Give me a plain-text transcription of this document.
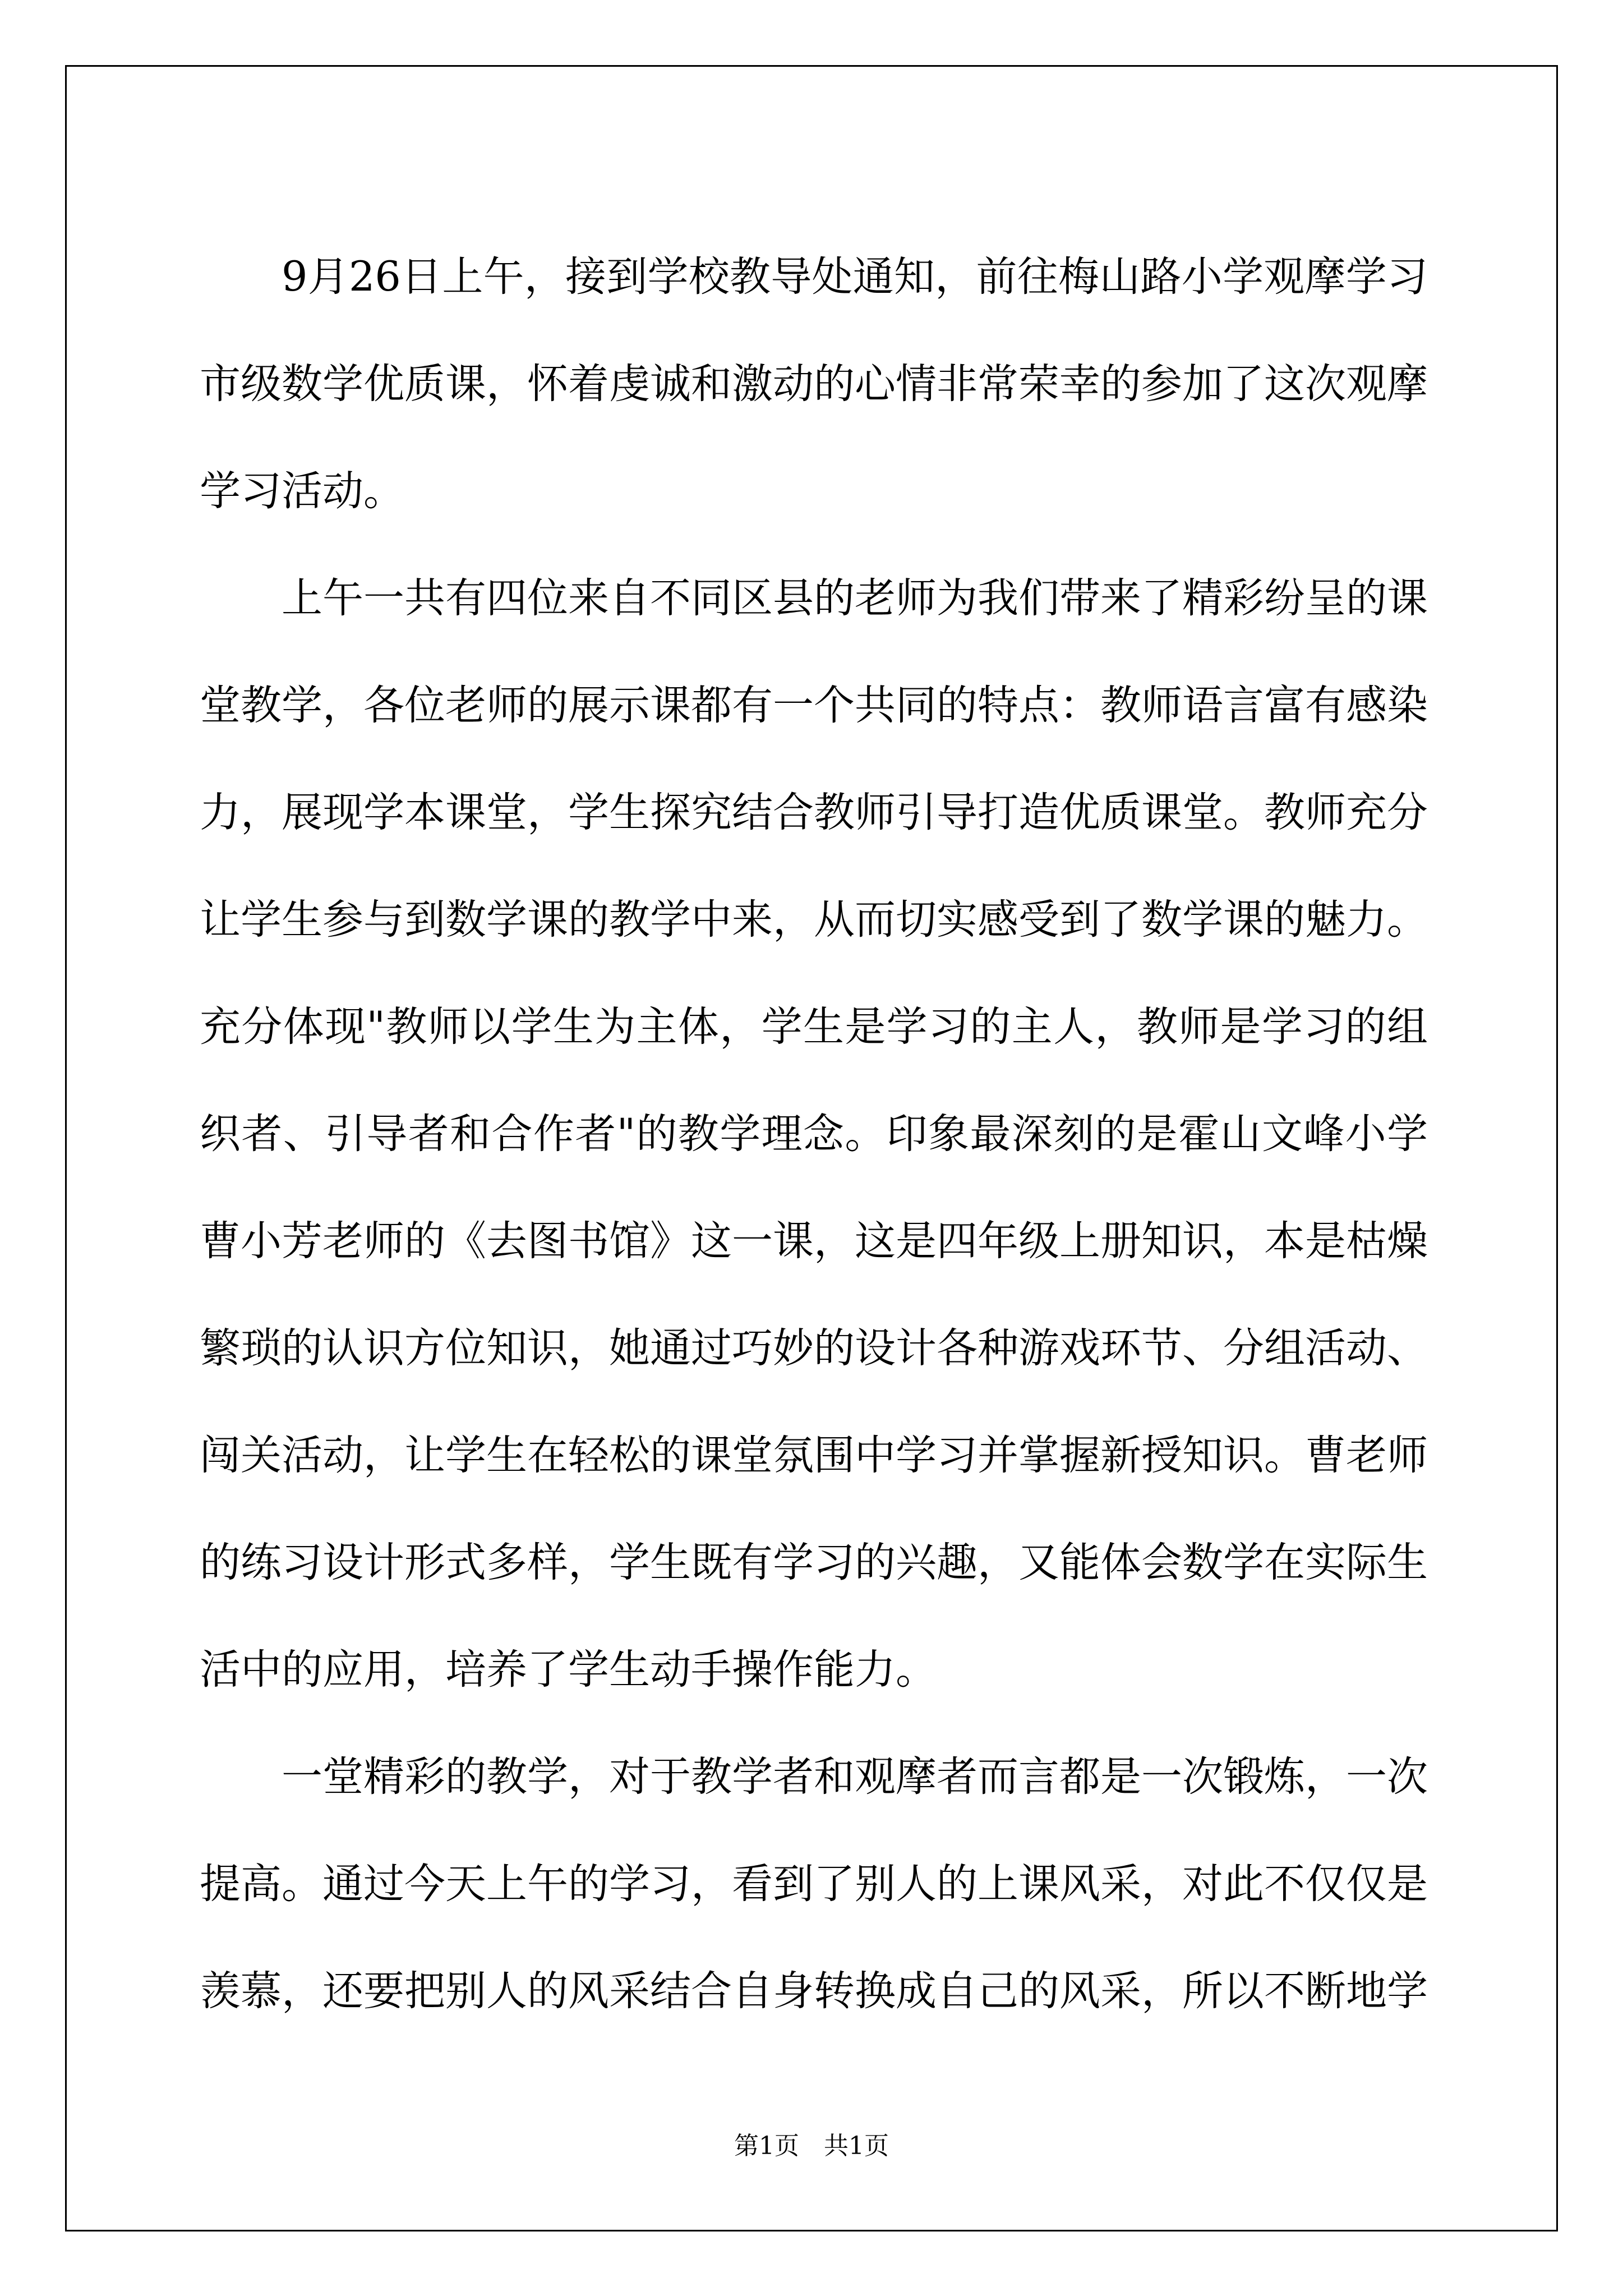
9月26日上午，接到学校教导处通知，前往梅山路小学观摩学习市级数学优质课，怀着虔诚和激动的心情非常荣幸的参加了这次观摩学习活动。

上午一共有四位来自不同区县的老师为我们带来了精彩纷呈的课堂教学，各位老师的展示课都有一个共同的特点：教师语言富有感染力，展现学本课堂，学生探究结合教师引导打造优质课堂。教师充分让学生参与到数学课的教学中来，从而切实感受到了数学课的魅力。充分体现"教师以学生为主体，学生是学习的主人，教师是学习的组织者、引导者和合作者"的教学理念。印象最深刻的是霍山文峰小学曹小芳老师的《去图书馆》这一课，这是四年级上册知识，本是枯燥繁琐的认识方位知识，她通过巧妙的设计各种游戏环节、分组活动、闯关活动，让学生在轻松的课堂氛围中学习并掌握新授知识。曹老师的练习设计形式多样，学生既有学习的兴趣，又能体会数学在实际生活中的应用，培养了学生动手操作能力。

一堂精彩的教学，对于教学者和观摩者而言都是一次锻炼，一次提高。通过今天上午的学习，看到了别人的上课风采，对此不仅仅是羡慕，还要把别人的风采结合自身转换成自己的风采，所以不断地学

第1页 共1页
